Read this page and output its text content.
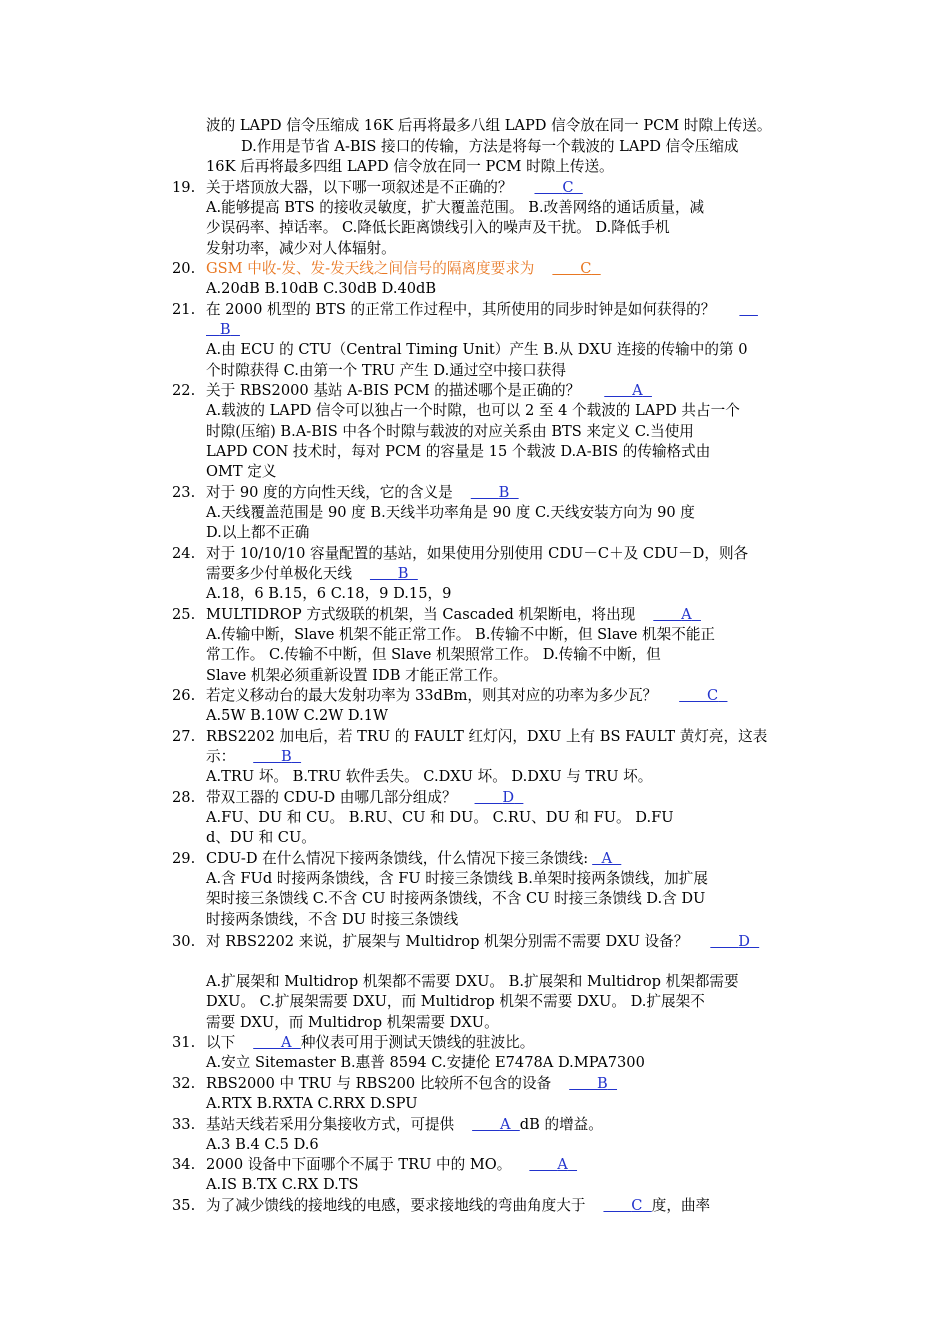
波的 LAPD 信令压缩成 16K 后再将最多八组 LAPD 信令放在同一 PCM 时隙上传送。
D.作用是节省 A-BIS 接口的传输，方法是将每一个载波的 LAPD 信令压缩成
16K 后再将最多四组 LAPD 信令放在同一 PCM 时隙上传送。
19. 关于塔顶放大器，以下哪一项叙述是不正确的？	C
A.能够提高 BTS 的接收灵敏度，扩大覆盖范围。 B.改善网络的通话质量，减
少误码率、掉话率。 C.降低长距离馈线引入的噪声及干扰。 D.降低手机
发射功率，减少对人体辐射。
20. GSM 中收-发、发-发天线之间信号的隔离度要求为	C
A.20dB B.10dB C.30dB D.40dB
21. 在 2000 机型的 BTS 的正常工作过程中，其所使用的同步时钟是如何获得的？
B
A.由 ECU 的 CTU（Central Timing Unit）产生 B.从 DXU 连接的传输中的第 0
个时隙获得 C.由第一个 TRU 产生 D.通过空中接口获得
22. 关于 RBS2000 基站 A-BIS PCM 的描述哪个是正确的？	A
A.载波的 LAPD 信令可以独占一个时隙，也可以 2 至 4 个载波的 LAPD 共占一个
时隙(压缩) B.A-BIS 中各个时隙与载波的对应关系由 BTS 来定义 C.当使用
LAPD CON 技术时，每对 PCM 的容量是 15 个载波 D.A-BIS 的传输格式由
OMT 定义
23. 对于 90 度的方向性天线，它的含义是	B
A.天线覆盖范围是 90 度 B.天线半功率角是 90 度 C.天线安装方向为 90 度
D.以上都不正确
24. 对于 10/10/10 容量配置的基站，如果使用分别使用 CDU－C＋及 CDU－D，则各
需要多少付单极化天线	B
A.18，6 B.15，6 C.18，9 D.15，9
25. MULTIDROP 方式级联的机架，当 Cascaded 机架断电，将出现	A
A.传输中断，Slave 机架不能正常工作。 B.传输不中断，但 Slave 机架不能正
常工作。 C.传输不中断，但 Slave 机架照常工作。 D.传输不中断，但
Slave 机架必须重新设置 IDB 才能正常工作。
26. 若定义移动台的最大发射功率为 33dBm，则其对应的功率为多少瓦？	C
A.5W B.10W C.2W D.1W
27. RBS2202 加电后，若 TRU 的 FAULT 红灯闪，DXU 上有 BS FAULT 黄灯亮，这表
示：	B
A.TRU 坏。 B.TRU 软件丢失。 C.DXU 坏。 D.DXU 与 TRU 坏。
28. 带双工器的 CDU-D 由哪几部分组成？	D
A.FU、DU 和 CU。 B.RU、CU 和 DU。 C.RU、DU 和 FU。 D.FU
d、DU 和 CU。
29. CDU-D 在什么情况下接两条馈线，什么情况下接三条馈线: A
A.含 FUd 时接两条馈线，含 FU 时接三条馈线 B.单架时接两条馈线，加扩展
架时接三条馈线 C.不含 CU 时接两条馈线，不含 CU 时接三条馈线 D.含 DU
时接两条馈线，不含 DU 时接三条馈线
30. 对 RBS2202 来说，扩展架与 Multidrop 机架分别需不需要 DXU 设备？	D
A.扩展架和 Multidrop 机架都不需要 DXU。 B.扩展架和 Multidrop 机架都需要
DXU。 C.扩展架需要 DXU，而 Multidrop 机架不需要 DXU。 D.扩展架不
需要 DXU，而 Multidrop 机架需要 DXU。
31. 以下	A 种仪表可用于测试天馈线的驻波比。
A.安立 Sitemaster B.惠普 8594 C.安捷伦 E7478A D.MPA7300
32. RBS2000 中 TRU 与 RBS200 比较所不包含的设备	B
A.RTX B.RXTA C.RRX D.SPU
33. 基站天线若采用分集接收方式，可提供	A dB 的增益。
A.3 B.4 C.5 D.6
34. 2000 设备中下面哪个不属于 TRU 中的 MO。	A
A.IS B.TX C.RX D.TS
35. 为了减少馈线的接地线的电感，要求接地线的弯曲角度大于	C 度，曲率
